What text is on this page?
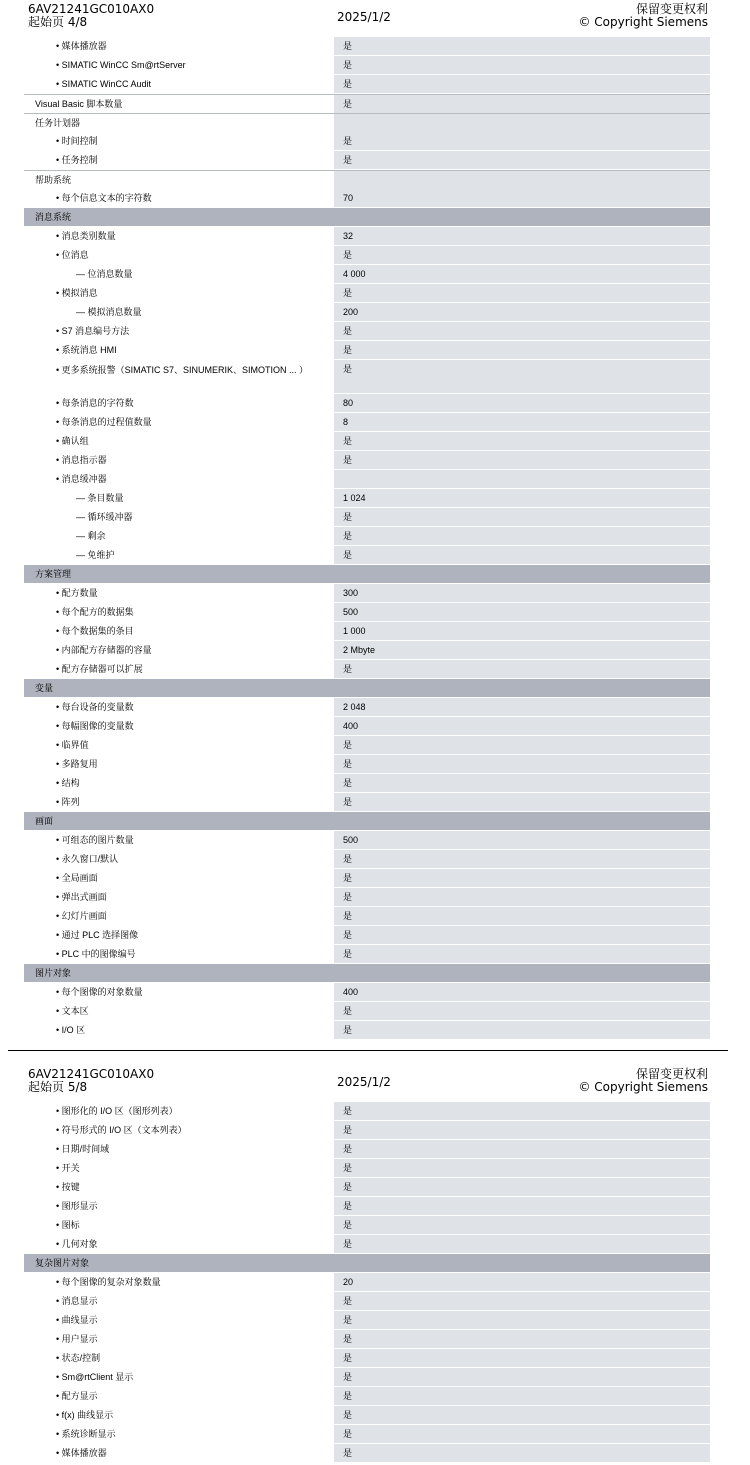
6AV21241GC010AX0
起始页 4/8	2025/1/2
保留变更权利
© Copyright Siemens
• 媒体播放器	是
• SIMATIC WinCC Sm@rtServer	是
• SIMATIC WinCC Audit	是
Visual Basic 脚本数量	是
任务计划器
• 时间控制	是
• 任务控制	是
帮助系统
• 每个信息文本的字符数	70
消息系统
• 消息类别数量	32
• 位消息	是
— 位消息数量	4 000
• 模拟消息	是
— 模拟消息数量	200
• S7 消息编号方法	是
• 系统消息 HMI	是
• 更多系统报警（SIMATIC S7、SINUMERIK、SIMOTION ... ）	是
• 每条消息的字符数	80
• 每条消息的过程值数量	8
• 确认组	是
• 消息指示器	是
• 消息缓冲器
— 条目数量	1 024
— 循环缓冲器	是
— 剩余	是
— 免维护	是
方案管理
• 配方数量	300
• 每个配方的数据集	500
• 每个数据集的条目	1 000
• 内部配方存储器的容量	2 Mbyte
• 配方存储器可以扩展	是
变量
• 每台设备的变量数	2 048
• 每幅图像的变量数	400
• 临界值	是
• 多路复用	是
• 结构	是
• 阵列	是
画面
• 可组态的图片数量	500
• 永久窗口/默认	是
• 全局画面	是
• 弹出式画面	是
• 幻灯片画面	是
• 通过 PLC 选择图像	是
• PLC 中的图像编号	是
图片对象
• 每个图像的对象数量	400
• 文本区	是
• I/O 区	是
6AV21241GC010AX0
起始页 5/8	2025/1/2
保留变更权利
© Copyright Siemens
• 图形化的 I/O 区（图形列表）	是
• 符号形式的 I/O 区（文本列表）	是
• 日期/时间域	是
• 开关	是
• 按键	是
• 图形显示	是
• 图标	是
• 几何对象	是
复杂图片对象
• 每个图像的复杂对象数量	20
• 消息显示	是
• 曲线显示	是
• 用户显示	是
• 状态/控制	是
• Sm@rtClient 显示	是
• 配方显示	是
• f(x) 曲线显示	是
• 系统诊断显示	是
• 媒体播放器	是
